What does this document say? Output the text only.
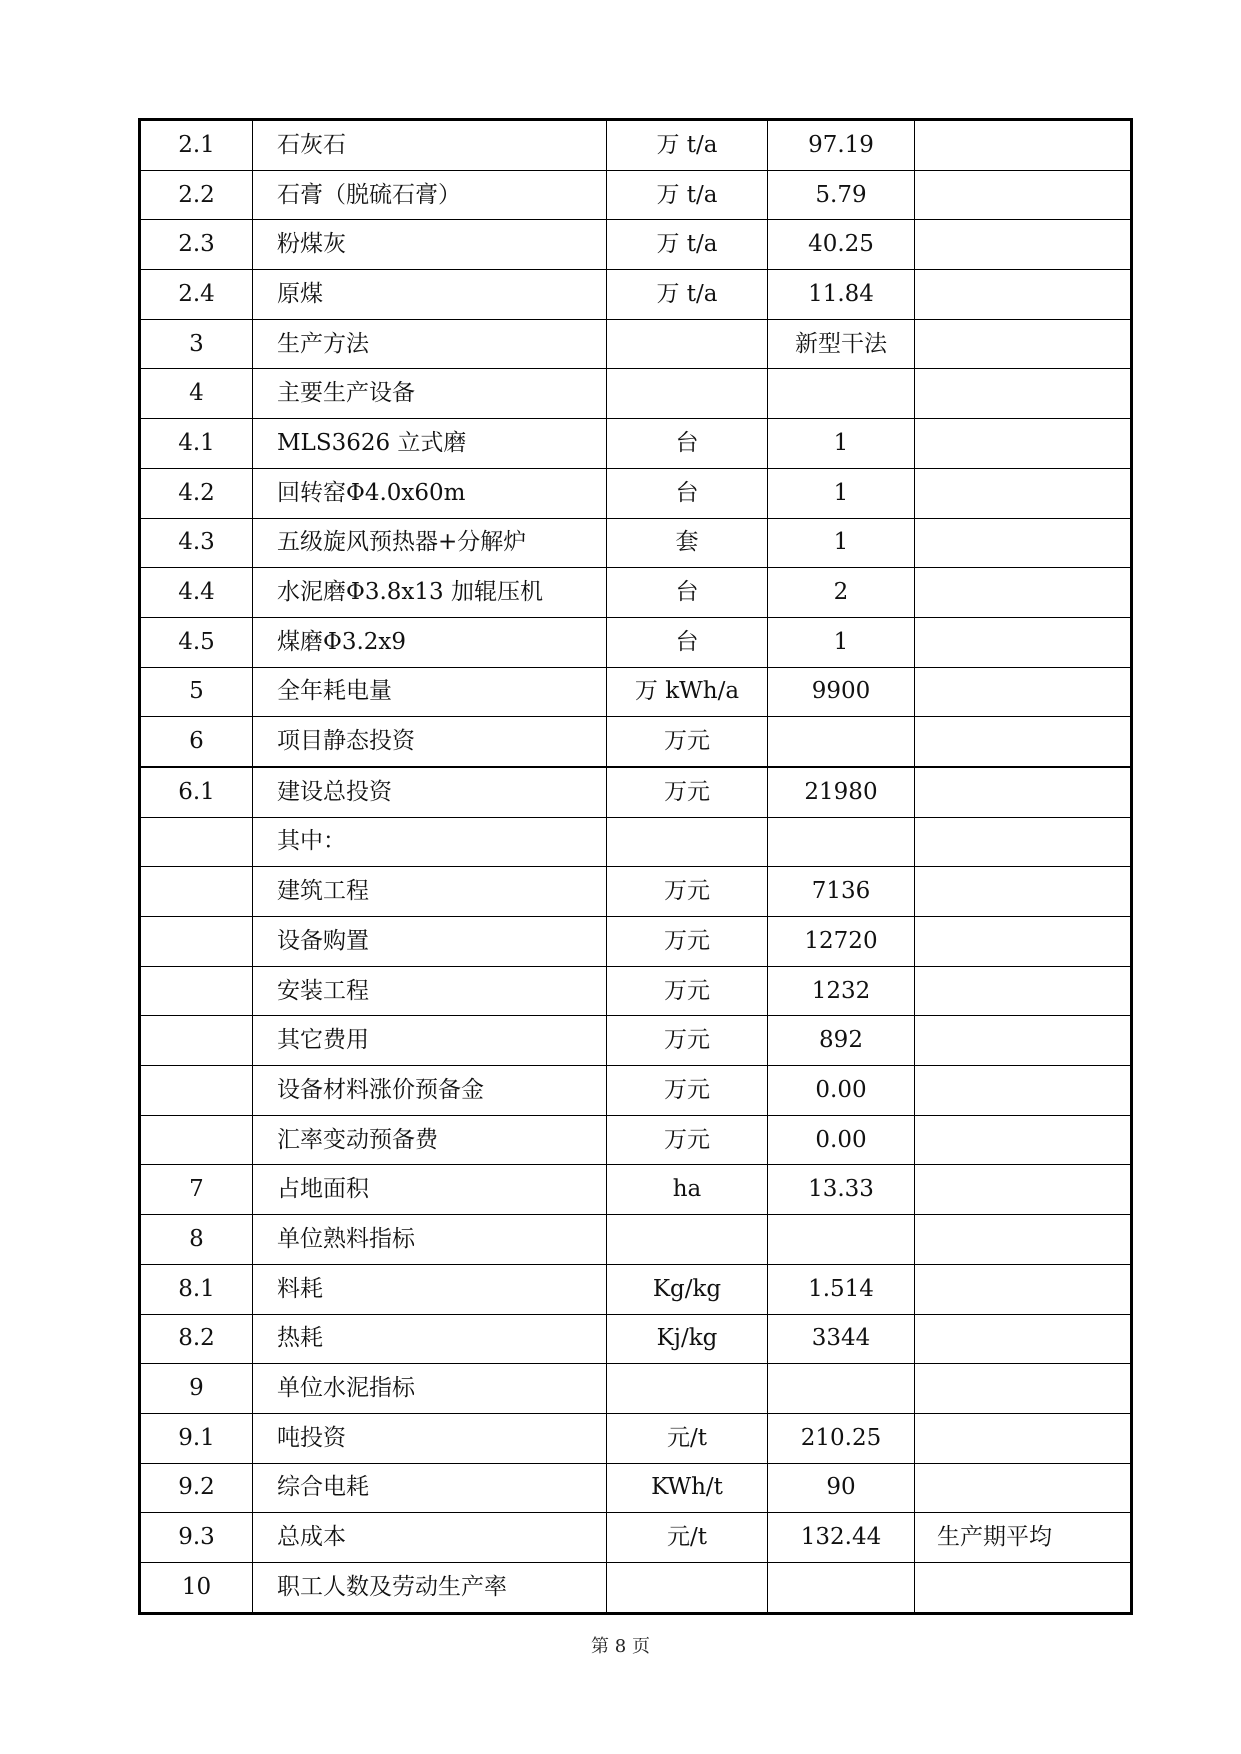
2.1	石灰石	万 t/a	97.19	
2.2	石膏（脱硫石膏）	万 t/a	5.79	
2.3	粉煤灰	万 t/a	40.25	
2.4	原煤	万 t/a	11.84	
3	生产方法		新型干法	
4	主要生产设备			
4.1	MLS3626 立式磨	台	1	
4.2	回转窑Φ4.0x60m	台	1	
4.3	五级旋风预热器+分解炉	套	1	
4.4	水泥磨Φ3.8x13 加辊压机	台	2	
4.5	煤磨Φ3.2x9	台	1	
5	全年耗电量	万 kWh/a	9900	
6	项目静态投资	万元		
6.1	建设总投资	万元	21980	
	其中：			
	建筑工程	万元	7136	
	设备购置	万元	12720	
	安装工程	万元	1232	
	其它费用	万元	892	
	设备材料涨价预备金	万元	0.00	
	汇率变动预备费	万元	0.00	
7	占地面积	ha	13.33	
8	单位熟料指标			
8.1	料耗	Kg/kg	1.514	
8.2	热耗	Kj/kg	3344	
9	单位水泥指标			
9.1	吨投资	元/t	210.25	
9.2	综合电耗	KWh/t	90	
9.3	总成本	元/t	132.44	生产期平均
10	职工人数及劳动生产率			
第 8 页
